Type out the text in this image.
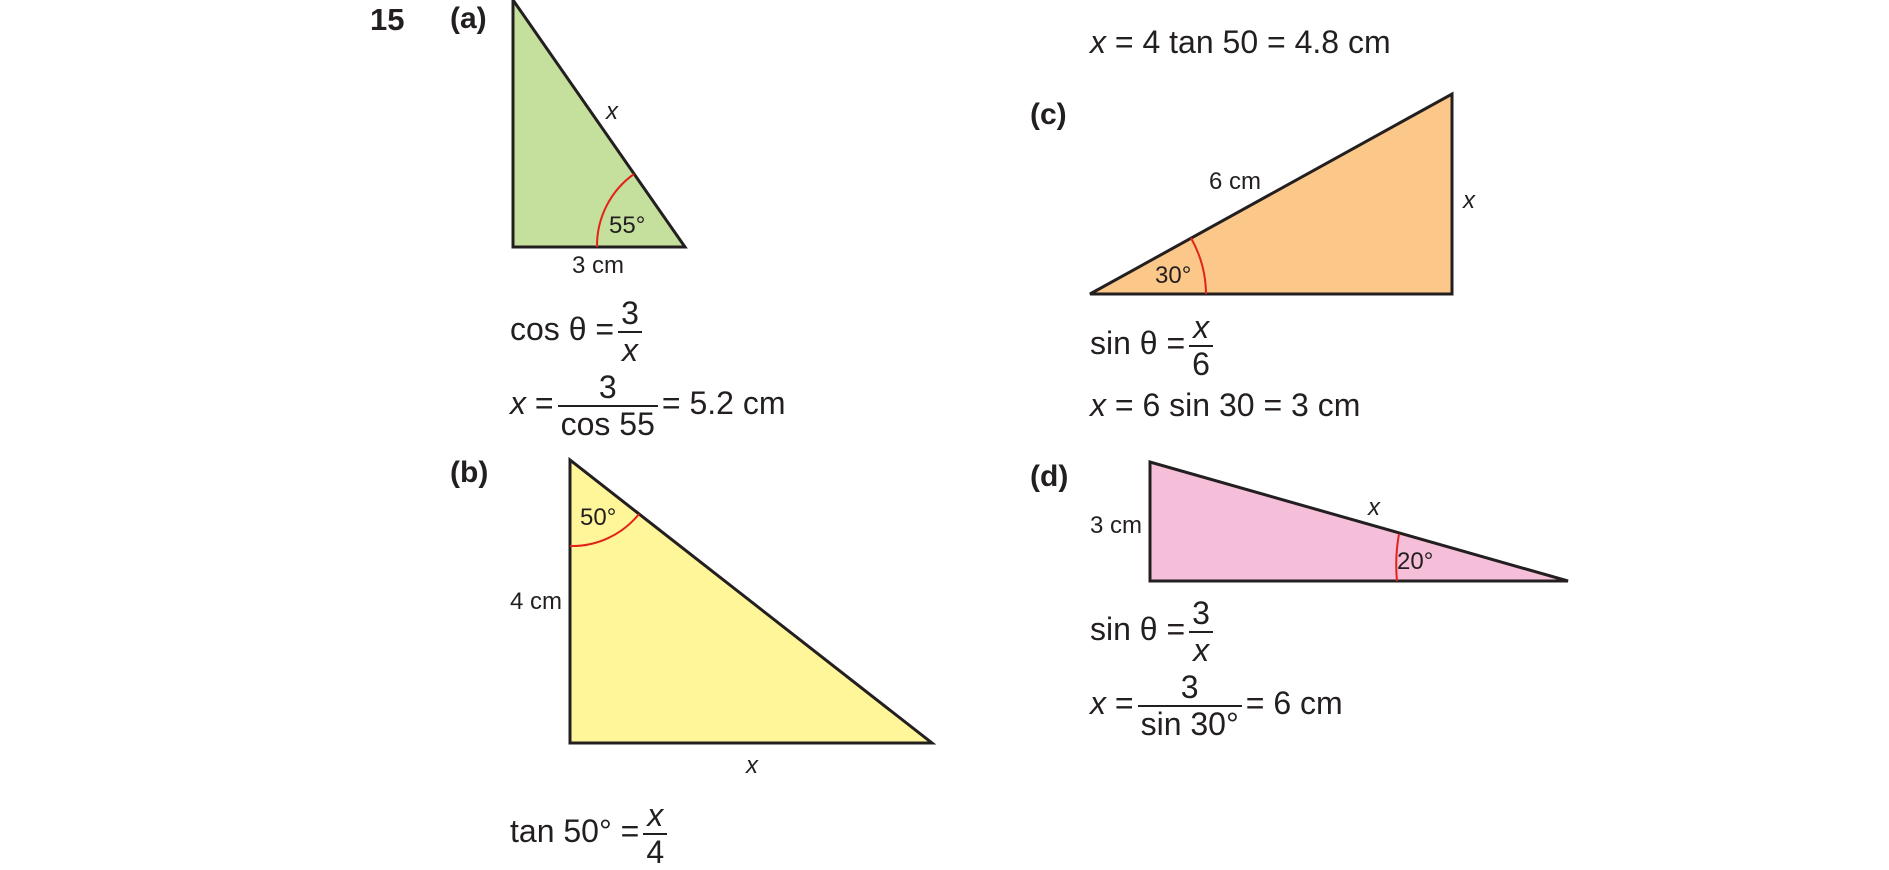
15 (a)
x
55°
3 cm
$\cos \theta = \frac{3}{x}$
$x = \frac{3}{\cos 55} = 5.2$ cm
(b)
50°
4 cm
x
$\tan 50^\circ = \frac{x}{4}$
x = 4 tan 50 = 4.8 cm
(c)
6 cm
x
30°
$\sin \theta = \frac{x}{6}$
x = 6 sin 30 = 3 cm
(d)
3 cm
x
20°
$\sin \theta = \frac{3}{x}$
$x = \frac{3}{\sin 30^\circ} = 6$ cm
